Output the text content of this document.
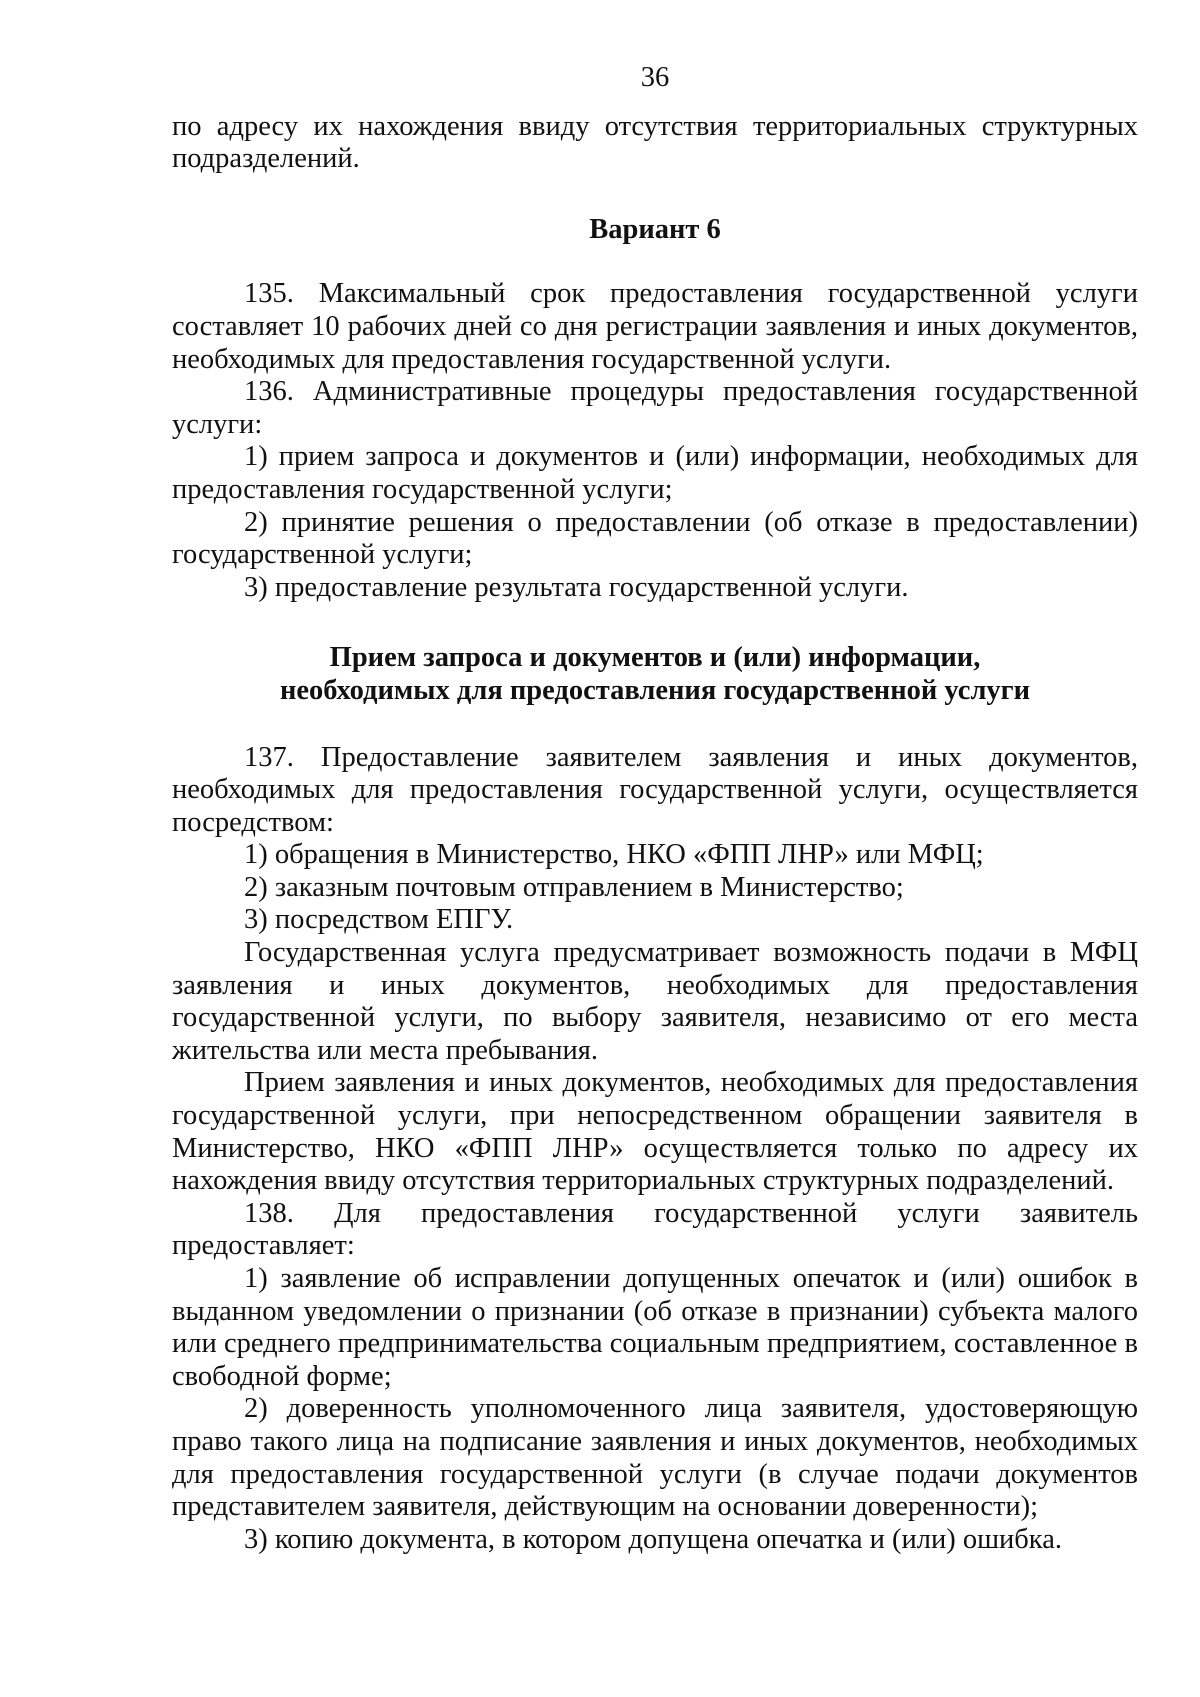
36

по адресу их нахождения ввиду отсутствия территориальных структурных подразделений.

Вариант 6

135. Максимальный срок предоставления государственной услуги составляет 10 рабочих дней со дня регистрации заявления и иных документов, необходимых для предоставления государственной услуги.

136. Административные процедуры предоставления государственной услуги:

1) прием запроса и документов и (или) информации, необходимых для предоставления государственной услуги;

2) принятие решения о предоставлении (об отказе в предоставлении) государственной услуги;

3) предоставление результата государственной услуги.

Прием запроса и документов и (или) информации,
необходимых для предоставления государственной услуги

137. Предоставление заявителем заявления и иных документов, необходимых для предоставления государственной услуги, осуществляется посредством:

1) обращения в Министерство, НКО «ФПП ЛНР» или МФЦ;

2) заказным почтовым отправлением в Министерство;

3) посредством ЕПГУ.

Государственная услуга предусматривает возможность подачи в МФЦ заявления и иных документов, необходимых для предоставления государственной услуги, по выбору заявителя, независимо от его места жительства или места пребывания.

Прием заявления и иных документов, необходимых для предоставления государственной услуги, при непосредственном обращении заявителя в Министерство, НКО «ФПП ЛНР» осуществляется только по адресу их нахождения ввиду отсутствия территориальных структурных подразделений.

138. Для предоставления государственной услуги заявитель предоставляет:

1) заявление об исправлении допущенных опечаток и (или) ошибок в выданном уведомлении о признании (об отказе в признании) субъекта малого или среднего предпринимательства социальным предприятием, составленное в свободной форме;

2) доверенность уполномоченного лица заявителя, удостоверяющую право такого лица на подписание заявления и иных документов, необходимых для предоставления государственной услуги (в случае подачи документов представителем заявителя, действующим на основании доверенности);

3) копию документа, в котором допущена опечатка и (или) ошибка.
